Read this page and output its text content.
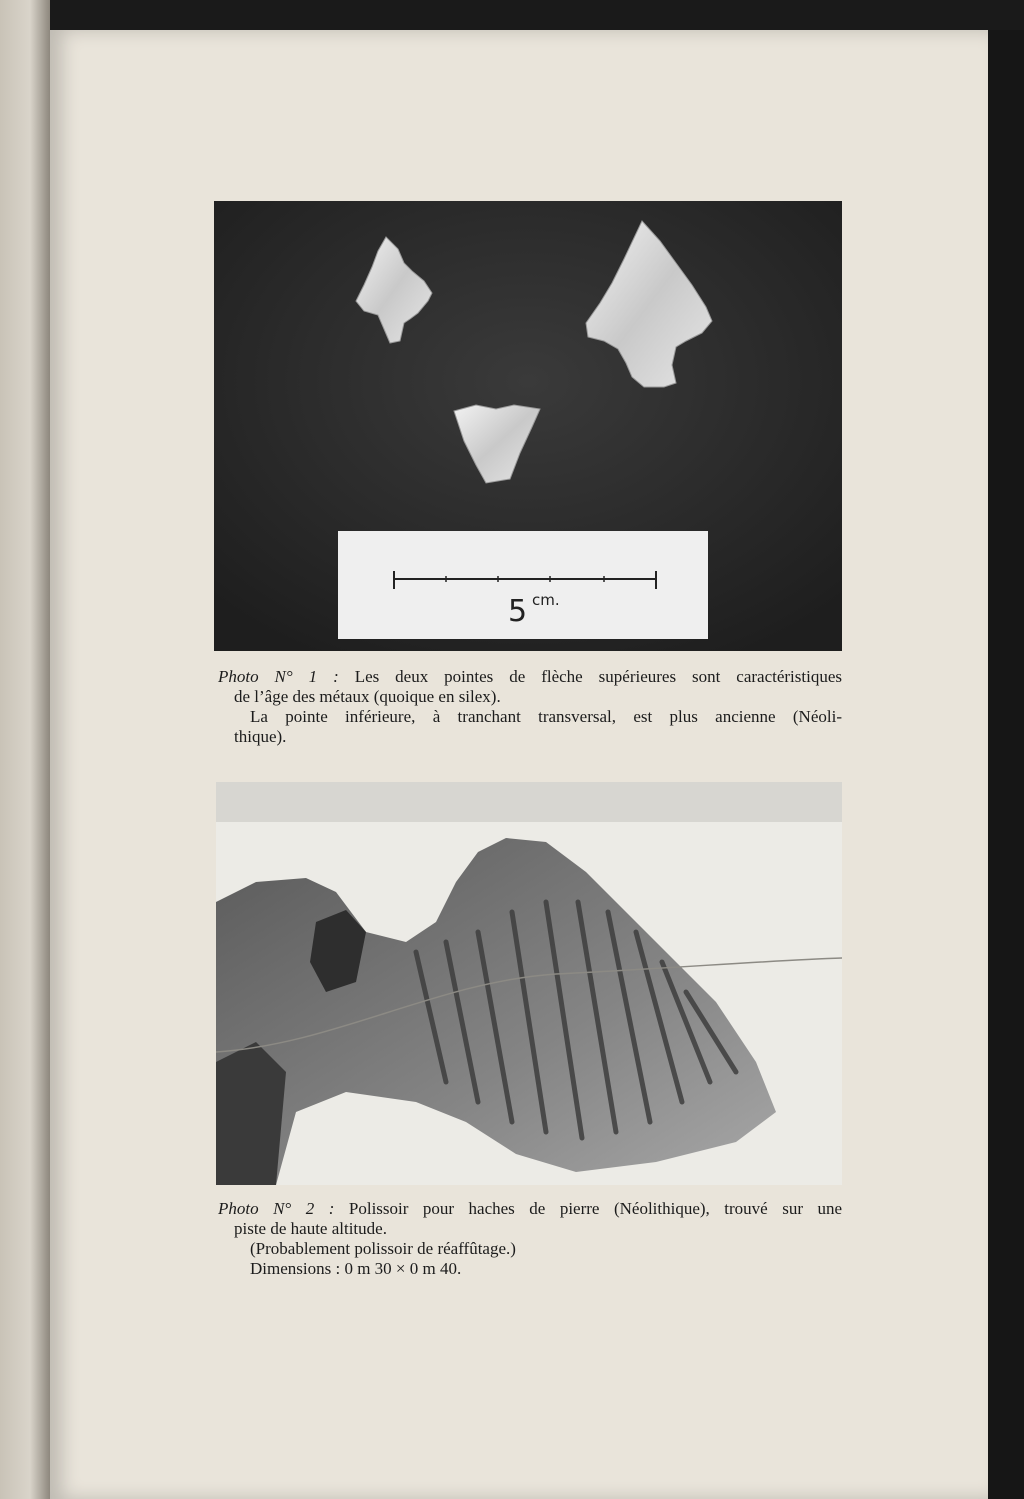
5 cm.

Photo N° 1 : Les deux pointes de flèche supérieures sont caractéristiques

de l’âge des métaux (quoique en silex).

La pointe inférieure, à tranchant transversal, est plus ancienne (Néoli-

thique).

Photo N° 2 : Polissoir pour haches de pierre (Néolithique), trouvé sur une

piste de haute altitude.

(Probablement polissoir de réaffûtage.)

Dimensions : 0 m 30 × 0 m 40.
